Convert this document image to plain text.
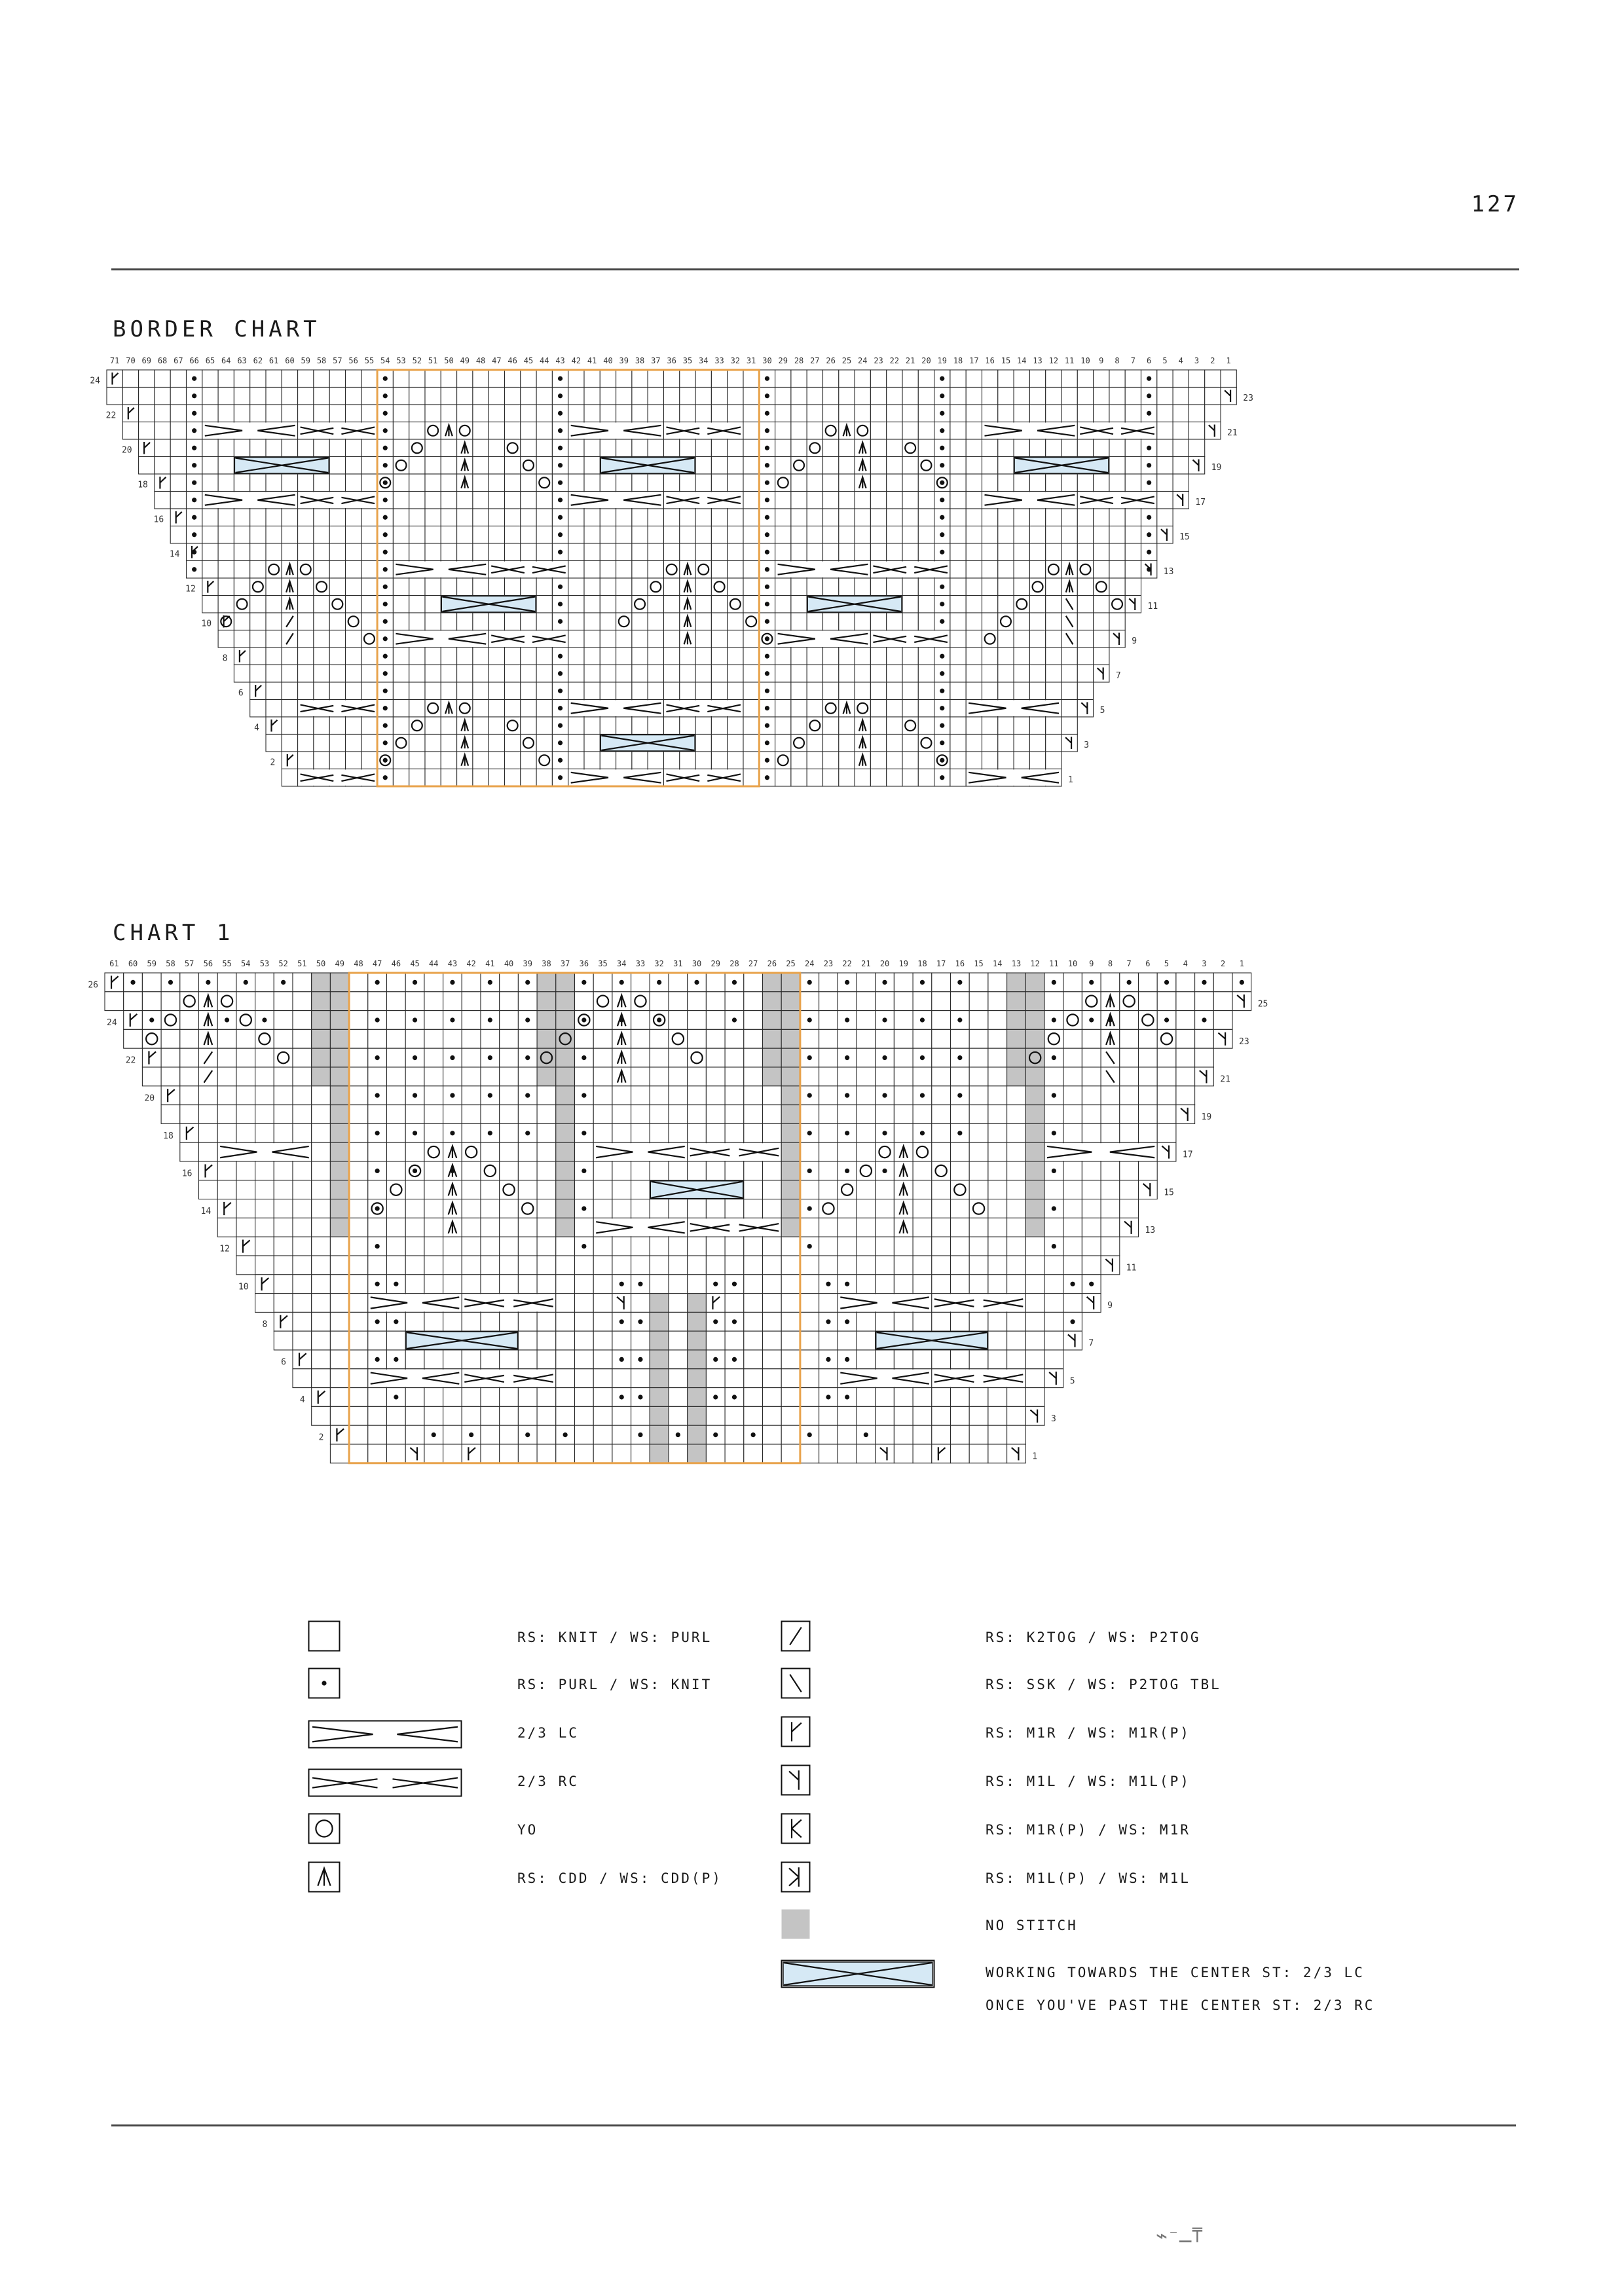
127
BORDER CHART
71 70 69 68 67 66 65 64 63 62 61 60 59 58 57 56 55 54 53 52 51 50 49 48 47 46 45 44 43 42 41 40 39 38 37 36 35 34 33 32 31 30 29 28 27 26 25 24 23 22 21 20 19 18 17 16 15 14 13 12 11 10 9 8 7 6 5 4 3 2 1
24
23
22
21
20
19
18
17
16
15
14
13
12
11
10
9
8
7
6
5
4
3
2
1
CHART 1
61 60 59 58 57 56 55 54 53 52 51 50 49 48 47 46 45 44 43 42 41 40 39 38 37 36 35 34 33 32 31 30 29 28 27 26 25 24 23 22 21 20 19 18 17 16 15 14 13 12 11 10 9 8 7 6 5 4 3 2 1
26
25
24
23
22
21
20
19
18
17
16
15
14
13
12
11
10
9
8
7
6
5
4
3
2
1
RS: KNIT / WS: PURL
RS: PURL / WS: KNIT
2/3 LC
2/3 RC
YO
RS: CDD / WS: CDD(P)
RS: K2TOG / WS: P2TOG
RS: SSK / WS: P2TOG TBL
RS: M1R / WS: M1R(P)
RS: M1L / WS: M1L(P)
RS: M1R(P) / WS: M1R
RS: M1L(P) / WS: M1L
NO STITCH
WORKING TOWARDS THE CENTER ST: 2/3 LC
ONCE YOU'VE PAST THE CENTER ST: 2/3 RC
⌁⁻ـ⍑
